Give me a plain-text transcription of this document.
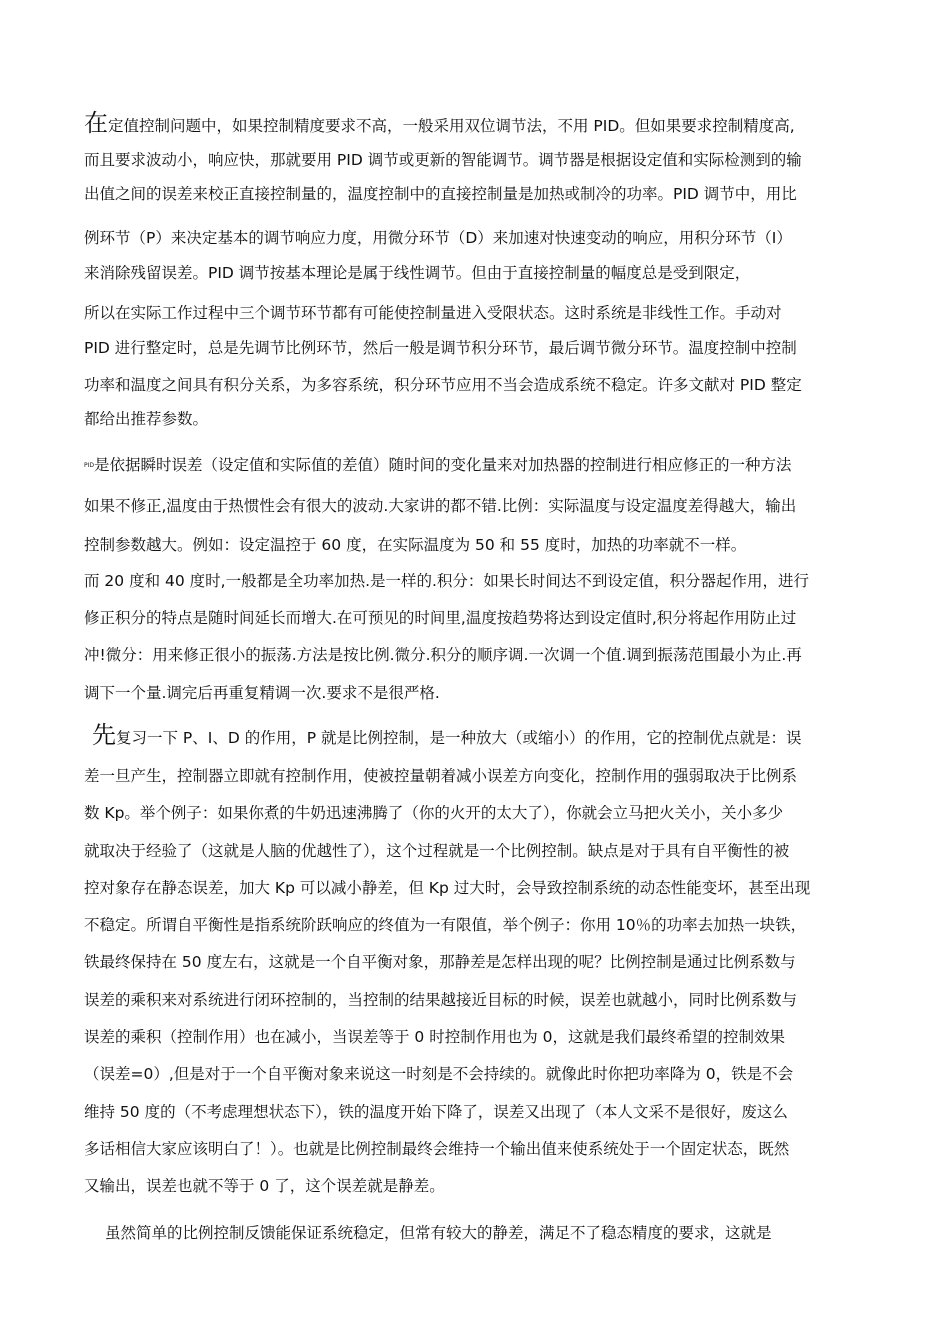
在定值控制问题中，如果控制精度要求不高，一般采用双位调节法，不用 PID。但如果要求控制精度高,
而且要求波动小，响应快，那就要用 PID 调节或更新的智能调节。调节器是根据设定值和实际检测到的输
出值之间的误差来校正直接控制量的，温度控制中的直接控制量是加热或制冷的功率。PID 调节中，用比
例环节（P）来决定基本的调节响应力度，用微分环节（D）来加速对快速变动的响应，用积分环节（I）
来消除残留误差。PID 调节按基本理论是属于线性调节。但由于直接控制量的幅度总是受到限定，
所以在实际工作过程中三个调节环节都有可能使控制量进入受限状态。这时系统是非线性工作。手动对
PID 进行整定时，总是先调节比例环节，然后一般是调节积分环节，最后调节微分环节。温度控制中控制
功率和温度之间具有积分关系，为多容系统，积分环节应用不当会造成系统不稳定。许多文献对 PID 整定
都给出推荐参数。
PID是依据瞬时误差（设定值和实际值的差值）随时间的变化量来对加热器的控制进行相应修正的一种方法
如果不修正,温度由于热惯性会有很大的波动.大家讲的都不错.比例：实际温度与设定温度差得越大，输出
控制参数越大。例如：设定温控于 60 度，在实际温度为 50 和 55 度时，加热的功率就不一样。
而 20 度和 40 度时,一般都是全功率加热.是一样的.积分：如果长时间达不到设定值，积分器起作用，进行
修正积分的特点是随时间延长而增大.在可预见的时间里,温度按趋势将达到设定值时,积分将起作用防止过
冲!微分：用来修正很小的振荡.方法是按比例.微分.积分的顺序调.一次调一个值.调到振荡范围最小为止.再
调下一个量.调完后再重复精调一次.要求不是很严格.
先复习一下 P、I、D 的作用，P 就是比例控制，是一种放大（或缩小）的作用，它的控制优点就是：误
差一旦产生，控制器立即就有控制作用，使被控量朝着减小误差方向变化，控制作用的强弱取决于比例系
数 Kp。举个例子：如果你煮的牛奶迅速沸腾了（你的火开的太大了），你就会立马把火关小，关小多少
就取决于经验了（这就是人脑的优越性了），这个过程就是一个比例控制。缺点是对于具有自平衡性的被
控对象存在静态误差，加大 Kp 可以减小静差，但 Kp 过大时，会导致控制系统的动态性能变坏，甚至出现
不稳定。所谓自平衡性是指系统阶跃响应的终值为一有限值，举个例子：你用 10％的功率去加热一块铁，
铁最终保持在 50 度左右，这就是一个自平衡对象，那静差是怎样出现的呢？比例控制是通过比例系数与
误差的乘积来对系统进行闭环控制的，当控制的结果越接近目标的时候，误差也就越小，同时比例系数与
误差的乘积（控制作用）也在减小，当误差等于 0 时控制作用也为 0，这就是我们最终希望的控制效果
（误差=0）,但是对于一个自平衡对象来说这一时刻是不会持续的。就像此时你把功率降为 0，铁是不会
维持 50 度的（不考虑理想状态下），铁的温度开始下降了，误差又出现了（本人文采不是很好，废这么
多话相信大家应该明白了！）。也就是比例控制最终会维持一个输出值来使系统处于一个固定状态，既然
又输出，误差也就不等于 0 了，这个误差就是静差。
虽然简单的比例控制反馈能保证系统稳定，但常有较大的静差，满足不了稳态精度的要求，这就是
